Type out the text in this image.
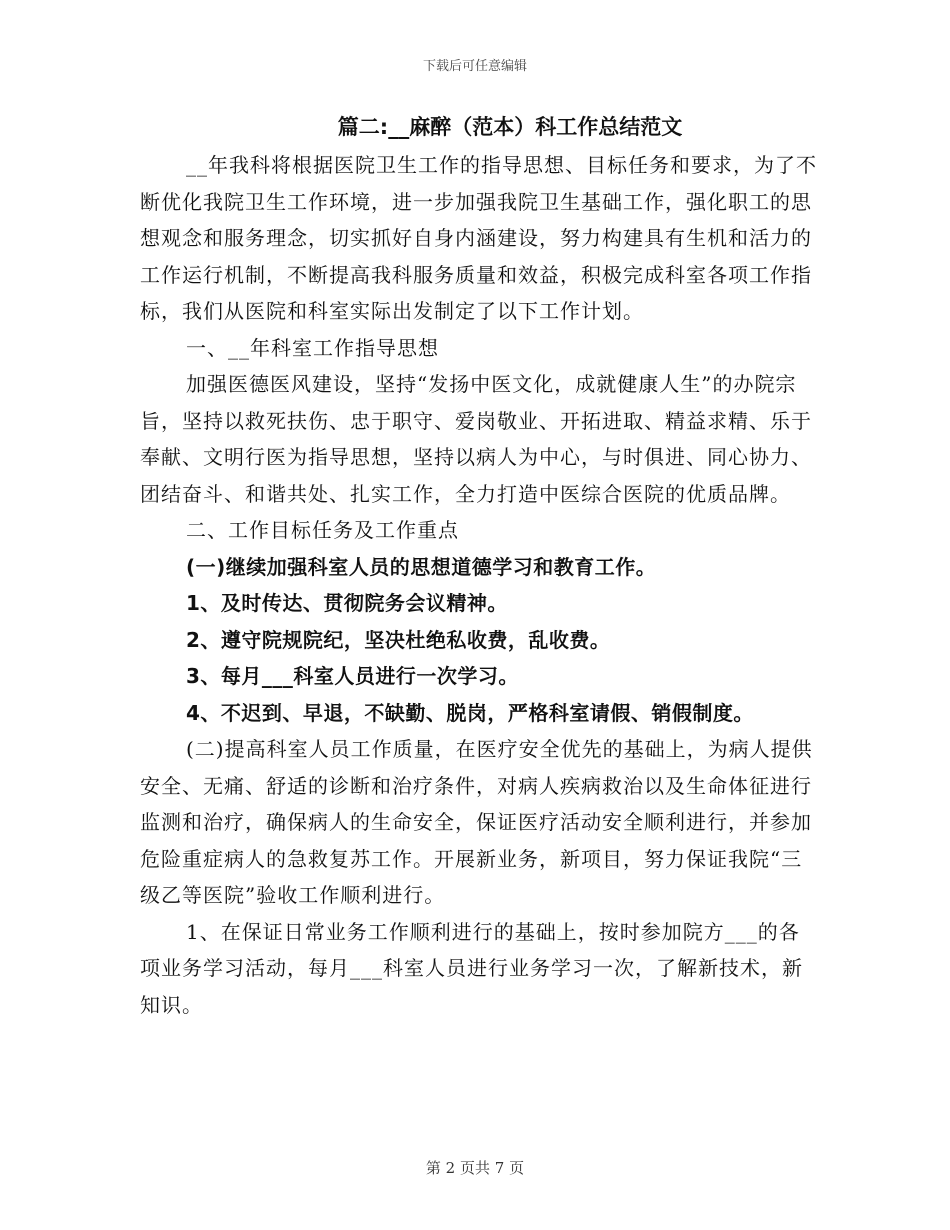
下载后可任意编辑
篇二:__麻醉（范本）科工作总结范文

__年我科将根据医院卫生工作的指导思想、目标任务和要求，为了不断优化我院卫生工作环境，进一步加强我院卫生基础工作，强化职工的思想观念和服务理念，切实抓好自身内涵建设，努力构建具有生机和活力的工作运行机制，不断提高我科服务质量和效益，积极完成科室各项工作指标，我们从医院和科室实际出发制定了以下工作计划。

一、__年科室工作指导思想

加强医德医风建设，坚持“发扬中医文化，成就健康人生”的办院宗旨，坚持以救死扶伤、忠于职守、爱岗敬业、开拓进取、精益求精、乐于奉献、文明行医为指导思想，坚持以病人为中心，与时俱进、同心协力、团结奋斗、和谐共处、扎实工作，全力打造中医综合医院的优质品牌。

二、工作目标任务及工作重点

(一)继续加强科室人员的思想道德学习和教育工作。

1、及时传达、贯彻院务会议精神。

2、遵守院规院纪，坚决杜绝私收费，乱收费。

3、每月___科室人员进行一次学习。

4、不迟到、早退，不缺勤、脱岗，严格科室请假、销假制度。

(二)提高科室人员工作质量，在医疗安全优先的基础上，为病人提供安全、无痛、舒适的诊断和治疗条件，对病人疾病救治以及生命体征进行监测和治疗，确保病人的生命安全，保证医疗活动安全顺利进行，并参加危险重症病人的急救复苏工作。开展新业务，新项目，努力保证我院“三级乙等医院”验收工作顺利进行。

1、在保证日常业务工作顺利进行的基础上，按时参加院方___的各项业务学习活动，每月___科室人员进行业务学习一次，了解新技术，新知识。

第 2 页共 7 页
